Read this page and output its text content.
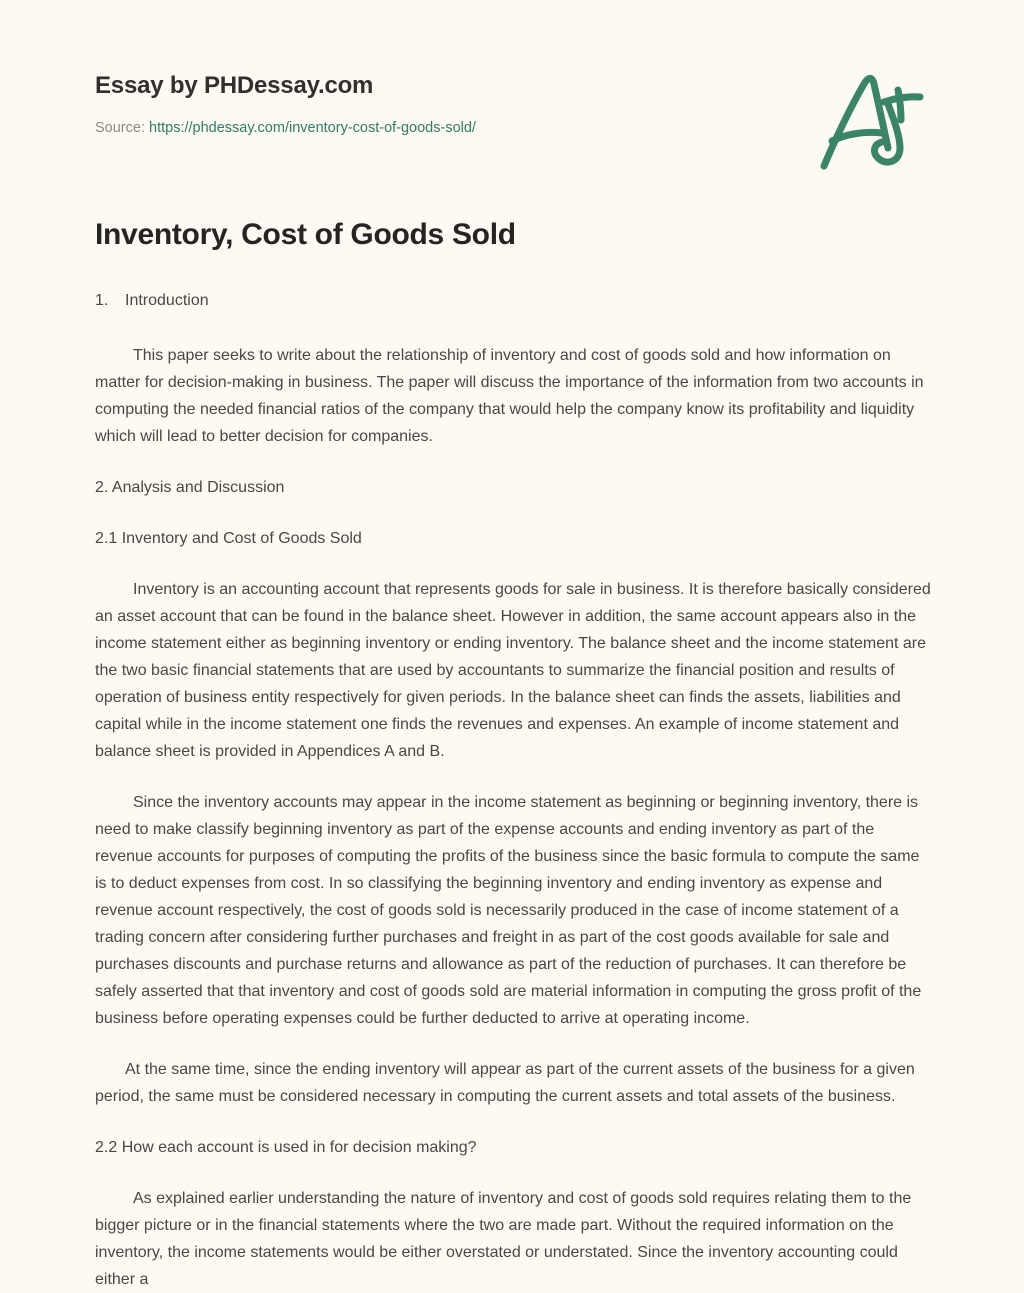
Essay by PHDessay.com
Source: https://phdessay.com/inventory-cost-of-goods-sold/
Inventory, Cost of Goods Sold

1. Introduction

This paper seeks to write about the relationship of inventory and cost of goods sold and how information on matter for decision-making in business. The paper will discuss the importance of the information from two accounts in computing the needed financial ratios of the company that would help the company know its profitability and liquidity which will lead to better decision for companies.

2. Analysis and Discussion

2.1 Inventory and Cost of Goods Sold

Inventory is an accounting account that represents goods for sale in business. It is therefore basically considered an asset account that can be found in the balance sheet. However in addition, the same account appears also in the income statement either as beginning inventory or ending inventory. The balance sheet and the income statement are the two basic financial statements that are used by accountants to summarize the financial position and results of operation of business entity respectively for given periods. In the balance sheet can finds the assets, liabilities and capital while in the income statement one finds the revenues and expenses. An example of income statement and balance sheet is provided in Appendices A and B.

Since the inventory accounts may appear in the income statement as beginning or beginning inventory, there is need to make classify beginning inventory as part of the expense accounts and ending inventory as part of the revenue accounts for purposes of computing the profits of the business since the basic formula to compute the same is to deduct expenses from cost. In so classifying the beginning inventory and ending inventory as expense and revenue account respectively, the cost of goods sold is necessarily produced in the case of income statement of a trading concern after considering further purchases and freight in as part of the cost goods available for sale and purchases discounts and purchase returns and allowance as part of the reduction of purchases. It can therefore be safely asserted that that inventory and cost of goods sold are material information in computing the gross profit of the business before operating expenses could be further deducted to arrive at operating income.

At the same time, since the ending inventory will appear as part of the current assets of the business for a given period, the same must be considered necessary in computing the current assets and total assets of the business.

2.2 How each account is used in for decision making?

As explained earlier understanding the nature of inventory and cost of goods sold requires relating them to the bigger picture or in the financial statements where the two are made part. Without the required information on the inventory, the income statements would be either overstated or understated. Since the inventory accounting could either a
